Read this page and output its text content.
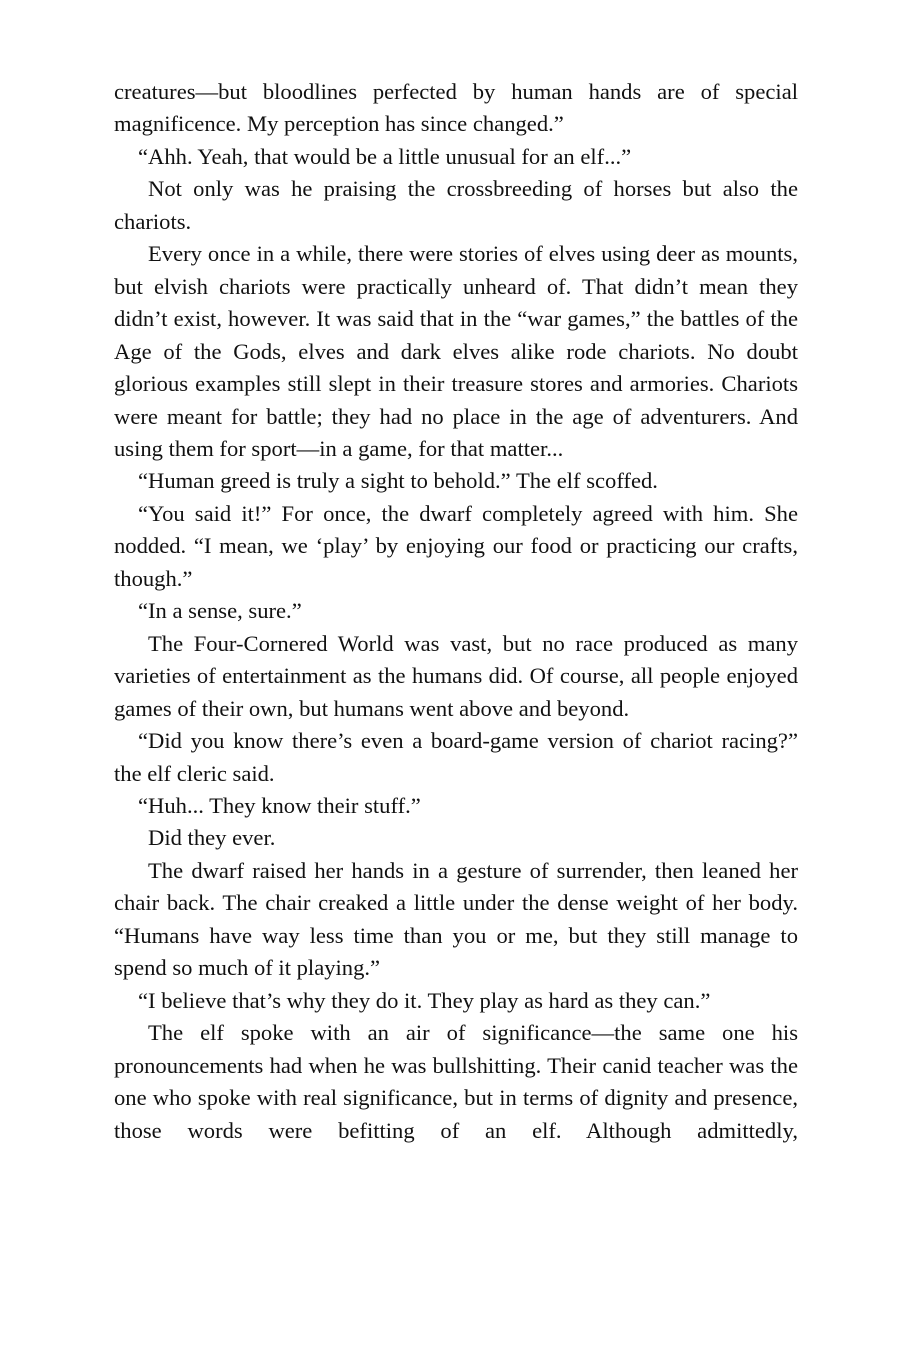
creatures—but bloodlines perfected by human hands are of special magnificence. My perception has since changed.”

“Ahh. Yeah, that would be a little unusual for an elf...”

Not only was he praising the crossbreeding of horses but also the chariots.

Every once in a while, there were stories of elves using deer as mounts, but elvish chariots were practically unheard of. That didn’t mean they didn’t exist, however. It was said that in the “war games,” the battles of the Age of the Gods, elves and dark elves alike rode chariots. No doubt glorious examples still slept in their treasure stores and armories. Chariots were meant for battle; they had no place in the age of adventurers. And using them for sport—in a game, for that matter...

“Human greed is truly a sight to behold.” The elf scoffed.

“You said it!” For once, the dwarf completely agreed with him. She nodded. “I mean, we ‘play’ by enjoying our food or practicing our crafts, though.”

“In a sense, sure.”

The Four-Cornered World was vast, but no race produced as many varieties of entertainment as the humans did. Of course, all people enjoyed games of their own, but humans went above and beyond.

“Did you know there’s even a board-game version of chariot racing?” the elf cleric said.

“Huh... They know their stuff.”

Did they ever.

The dwarf raised her hands in a gesture of surrender, then leaned her chair back. The chair creaked a little under the dense weight of her body. “Humans have way less time than you or me, but they still manage to spend so much of it playing.”

“I believe that’s why they do it. They play as hard as they can.”

The elf spoke with an air of significance—the same one his pronouncements had when he was bullshitting. Their canid teacher was the one who spoke with real significance, but in terms of dignity and presence, those words were befitting of an elf. Although admittedly,
